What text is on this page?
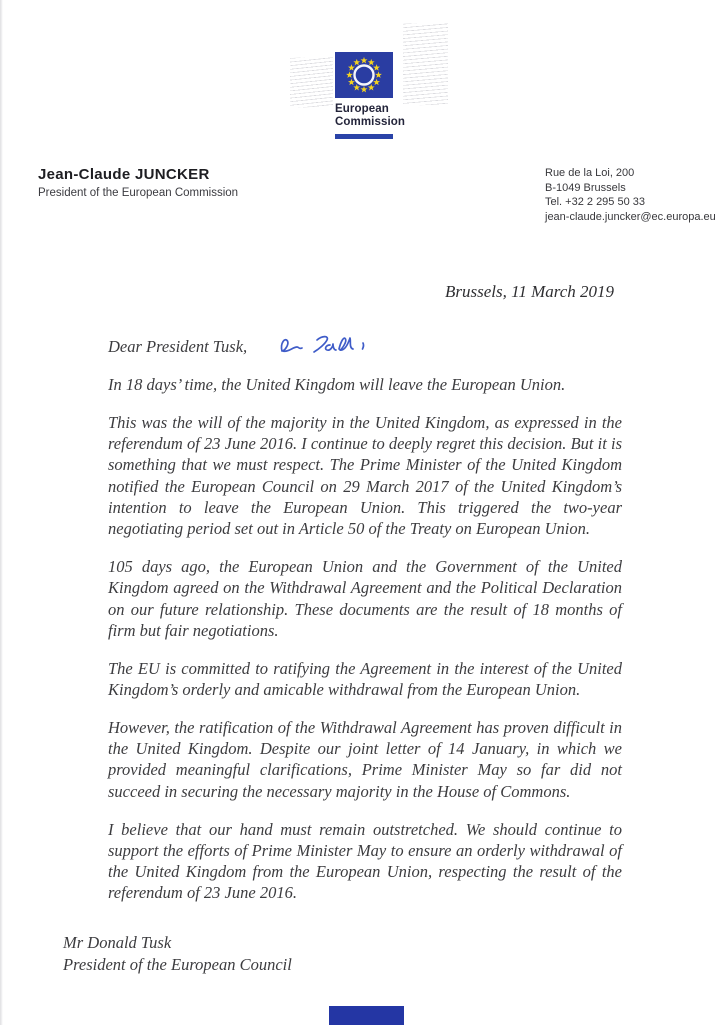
European
Commission
Jean-Claude JUNCKER
President of the European Commission
Rue de la Loi, 200
B-1049 Brussels
Tel. +32 2 295 50 33
jean-claude.juncker@ec.europa.eu
Brussels, 11 March 2019
Dear President Tusk,

In 18 days’ time, the United Kingdom will leave the European Union.

This was the will of the majority in the United Kingdom, as expressed in the referendum of 23 June 2016. I continue to deeply regret this decision. But it is something that we must respect. The Prime Minister of the United Kingdom notified the European Council on 29 March 2017 of the United Kingdom’s intention to leave the European Union. This triggered the two-year negotiating period set out in Article 50 of the Treaty on European Union.

105 days ago, the European Union and the Government of the United Kingdom agreed on the Withdrawal Agreement and the Political Declaration on our future relationship. These documents are the result of 18 months of firm but fair negotiations.

The EU is committed to ratifying the Agreement in the interest of the United Kingdom’s orderly and amicable withdrawal from the European Union.

However, the ratification of the Withdrawal Agreement has proven difficult in the United Kingdom. Despite our joint letter of 14 January, in which we provided meaningful clarifications, Prime Minister May so far did not succeed in securing the necessary majority in the House of Commons.

I believe that our hand must remain outstretched. We should continue to support the efforts of Prime Minister May to ensure an orderly withdrawal of the United Kingdom from the European Union, respecting the result of the referendum of 23 June 2016.

Mr Donald Tusk
President of the European Council
